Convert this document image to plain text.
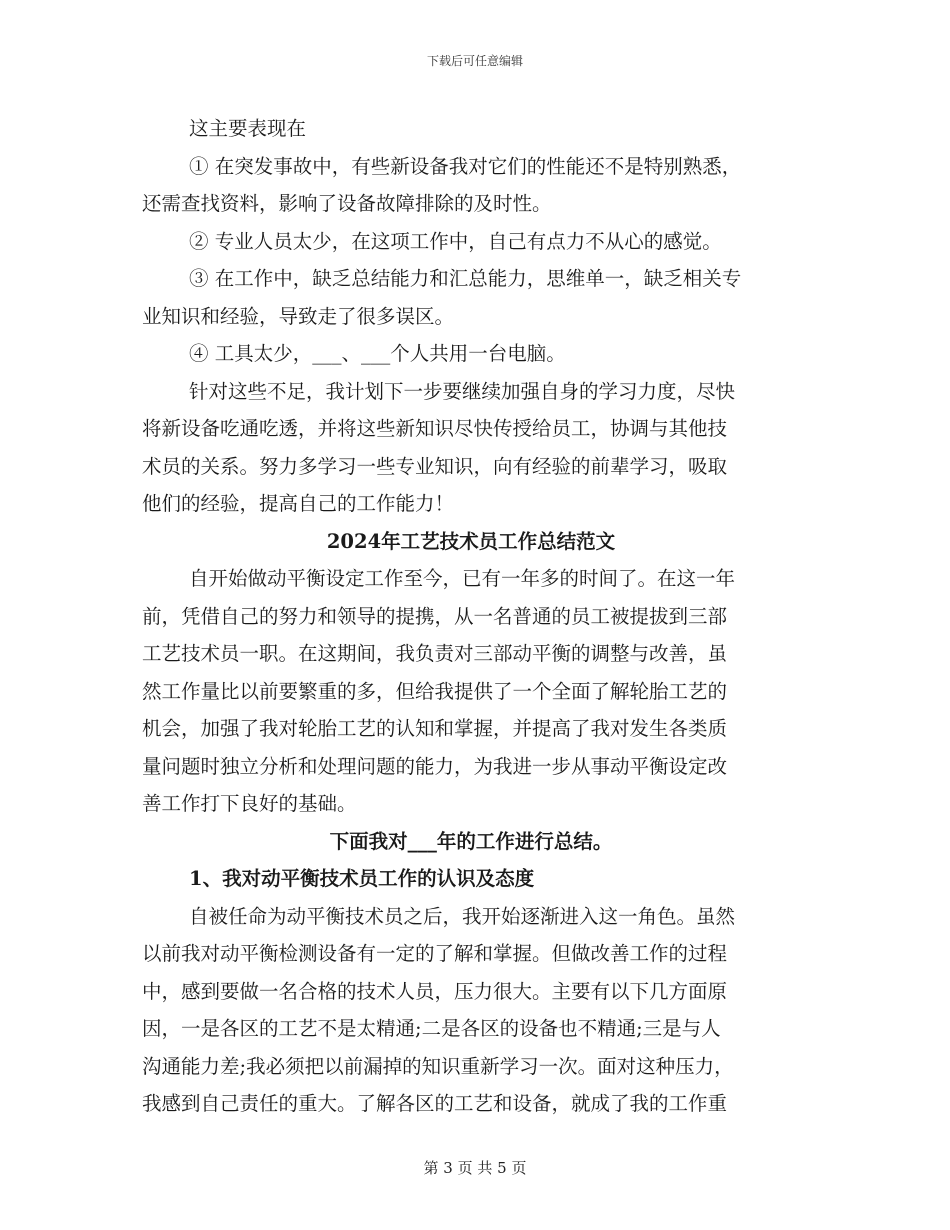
下载后可任意编辑
这主要表现在
① 在突发事故中，有些新设备我对它们的性能还不是特别熟悉，
还需查找资料，影响了设备故障排除的及时性。
② 专业人员太少，在这项工作中，自己有点力不从心的感觉。
③ 在工作中，缺乏总结能力和汇总能力，思维单一，缺乏相关专
业知识和经验，导致走了很多误区。
④ 工具太少，___、___个人共用一台电脑。
针对这些不足，我计划下一步要继续加强自身的学习力度，尽快
将新设备吃通吃透，并将这些新知识尽快传授给员工，协调与其他技
术员的关系。努力多学习一些专业知识，向有经验的前辈学习，吸取
他们的经验，提高自己的工作能力！
2024年工艺技术员工作总结范文
自开始做动平衡设定工作至今，已有一年多的时间了。在这一年
前，凭借自己的努力和领导的提携，从一名普通的员工被提拔到三部
工艺技术员一职。在这期间，我负责对三部动平衡的调整与改善，虽
然工作量比以前要繁重的多，但给我提供了一个全面了解轮胎工艺的
机会，加强了我对轮胎工艺的认知和掌握，并提高了我对发生各类质
量问题时独立分析和处理问题的能力，为我进一步从事动平衡设定改
善工作打下良好的基础。
下面我对___年的工作进行总结。
1、我对动平衡技术员工作的认识及态度
自被任命为动平衡技术员之后，我开始逐渐进入这一角色。虽然
以前我对动平衡检测设备有一定的了解和掌握。但做改善工作的过程
中，感到要做一名合格的技术人员，压力很大。主要有以下几方面原
因，一是各区的工艺不是太精通;二是各区的设备也不精通;三是与人
沟通能力差;我必须把以前漏掉的知识重新学习一次。面对这种压力，
我感到自己责任的重大。了解各区的工艺和设备，就成了我的工作重
第 3 页 共 5 页
